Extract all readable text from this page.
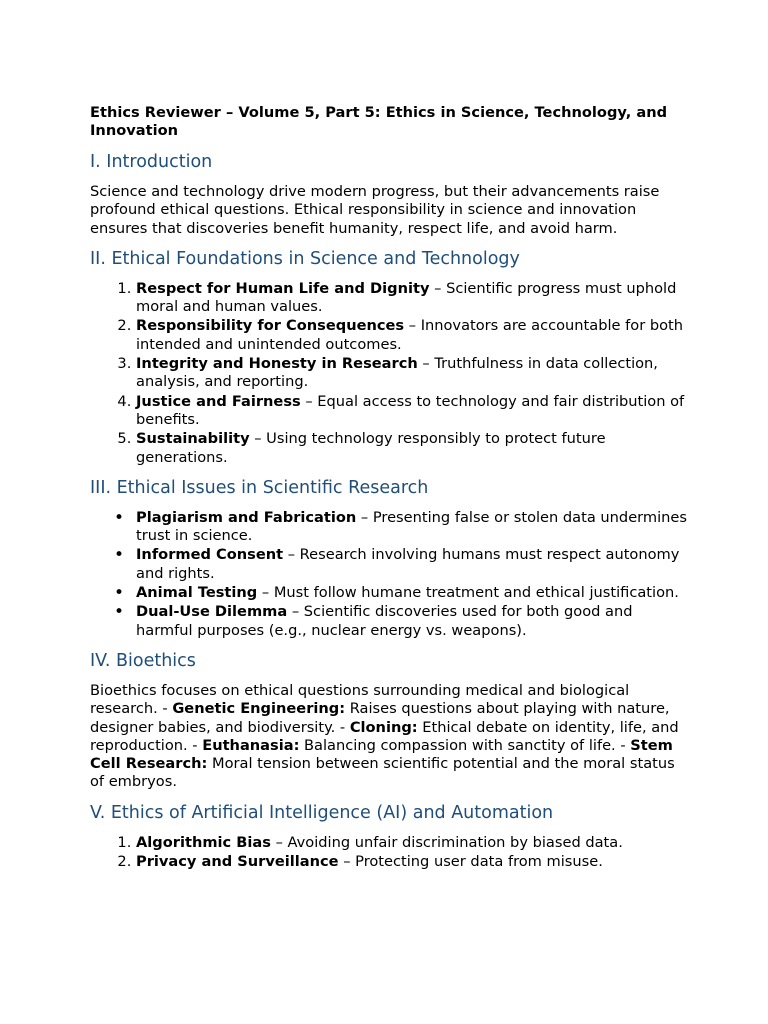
Ethics Reviewer – Volume 5, Part 5: Ethics in Science, Technology, and Innovation
I. Introduction

Science and technology drive modern progress, but their advancements raise profound ethical questions. Ethical responsibility in science and innovation ensures that discoveries benefit humanity, respect life, and avoid harm.

II. Ethical Foundations in Science and Technology
1. Respect for Human Life and Dignity – Scientific progress must uphold moral and human values.
2. Responsibility for Consequences – Innovators are accountable for both intended and unintended outcomes.
3. Integrity and Honesty in Research – Truthfulness in data collection, analysis, and reporting.
4. Justice and Fairness – Equal access to technology and fair distribution of benefits.
5. Sustainability – Using technology responsibly to protect future generations.
III. Ethical Issues in Scientific Research
• Plagiarism and Fabrication – Presenting false or stolen data undermines trust in science.
• Informed Consent – Research involving humans must respect autonomy and rights.
• Animal Testing – Must follow humane treatment and ethical justification.
• Dual-Use Dilemma – Scientific discoveries used for both good and harmful purposes (e.g., nuclear energy vs. weapons).
IV. Bioethics

Bioethics focuses on ethical questions surrounding medical and biological research. - Genetic Engineering: Raises questions about playing with nature, designer babies, and biodiversity. - Cloning: Ethical debate on identity, life, and reproduction. - Euthanasia: Balancing compassion with sanctity of life. - Stem Cell Research: Moral tension between scientific potential and the moral status of embryos.

V. Ethics of Artificial Intelligence (AI) and Automation
1. Algorithmic Bias – Avoiding unfair discrimination by biased data.
2. Privacy and Surveillance – Protecting user data from misuse.
